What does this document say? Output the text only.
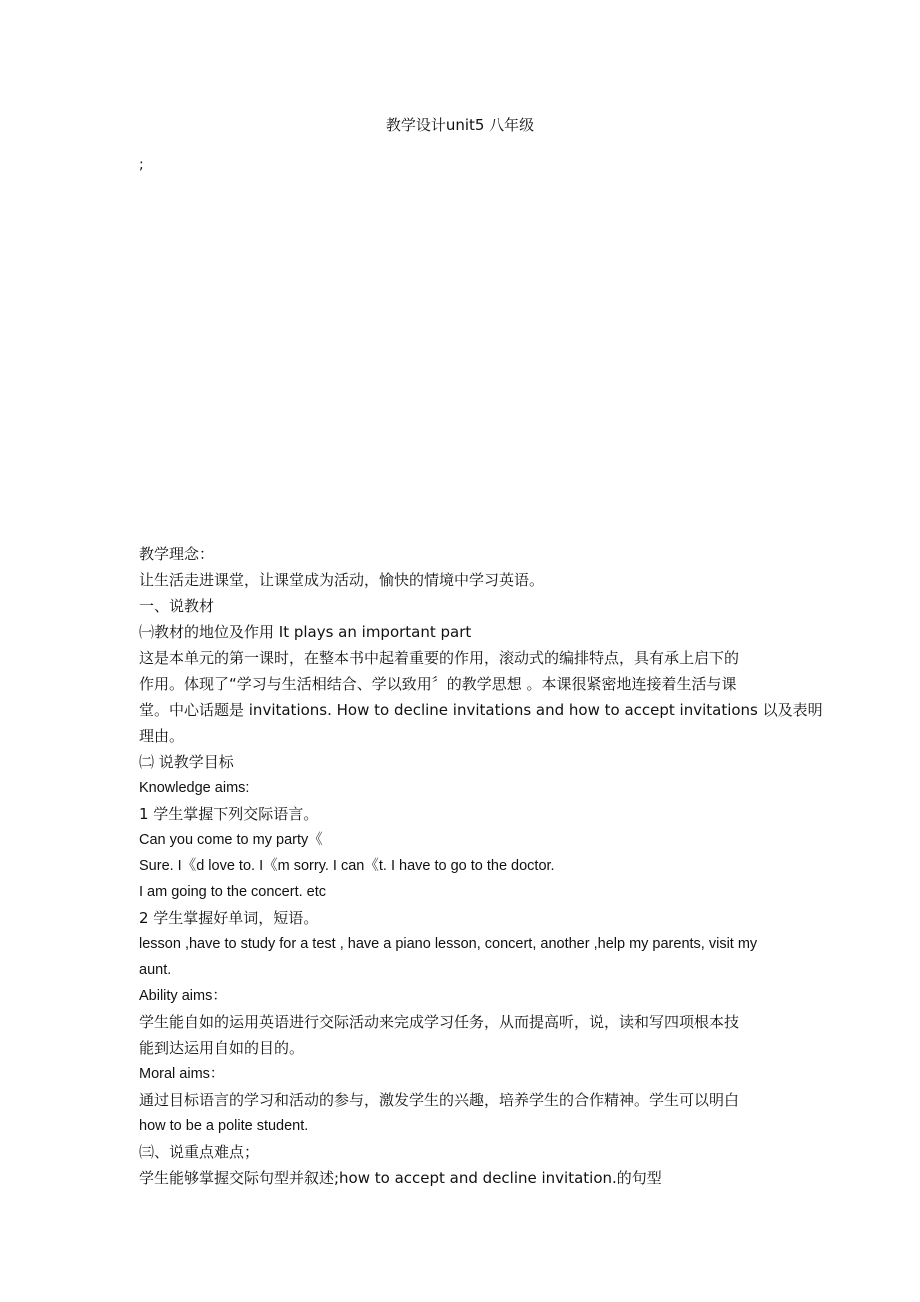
教学设计unit5 八年级
;
教学理念：
让生活走进课堂，让课堂成为活动，愉快的情境中学习英语。
一、说教材
㈠教材的地位及作用 It plays an important part
这是本单元的第一课时，在整本书中起着重要的作用，滚动式的编排特点，具有承上启下的
作用。体现了“学习与生活相结合、学以致用〞的教学思想 。本课很紧密地连接着生活与课
堂。中心话题是 invitations. How to decline invitations and how to accept invitations 以及表明
理由。
㈡ 说教学目标
Knowledge aims:
1 学生掌握下列交际语言。
Can you come to my party《
Sure. I《d love to. I《m sorry. I can《t. I have to go to the doctor.
I am going to the concert. etc
2 学生掌握好单词，短语。
lesson ,have to study for a test , have a piano lesson, concert, another ,help my parents, visit my
aunt.
Ability aims：
学生能自如的运用英语进行交际活动来完成学习任务，从而提高听，说，读和写四项根本技
能到达运用自如的目的。
Moral aims：
通过目标语言的学习和活动的参与，激发学生的兴趣，培养学生的合作精神。学生可以明白
how to be a polite student.
㈢、说重点难点；
学生能够掌握交际句型并叙述;how to accept and decline invitation.的句型
